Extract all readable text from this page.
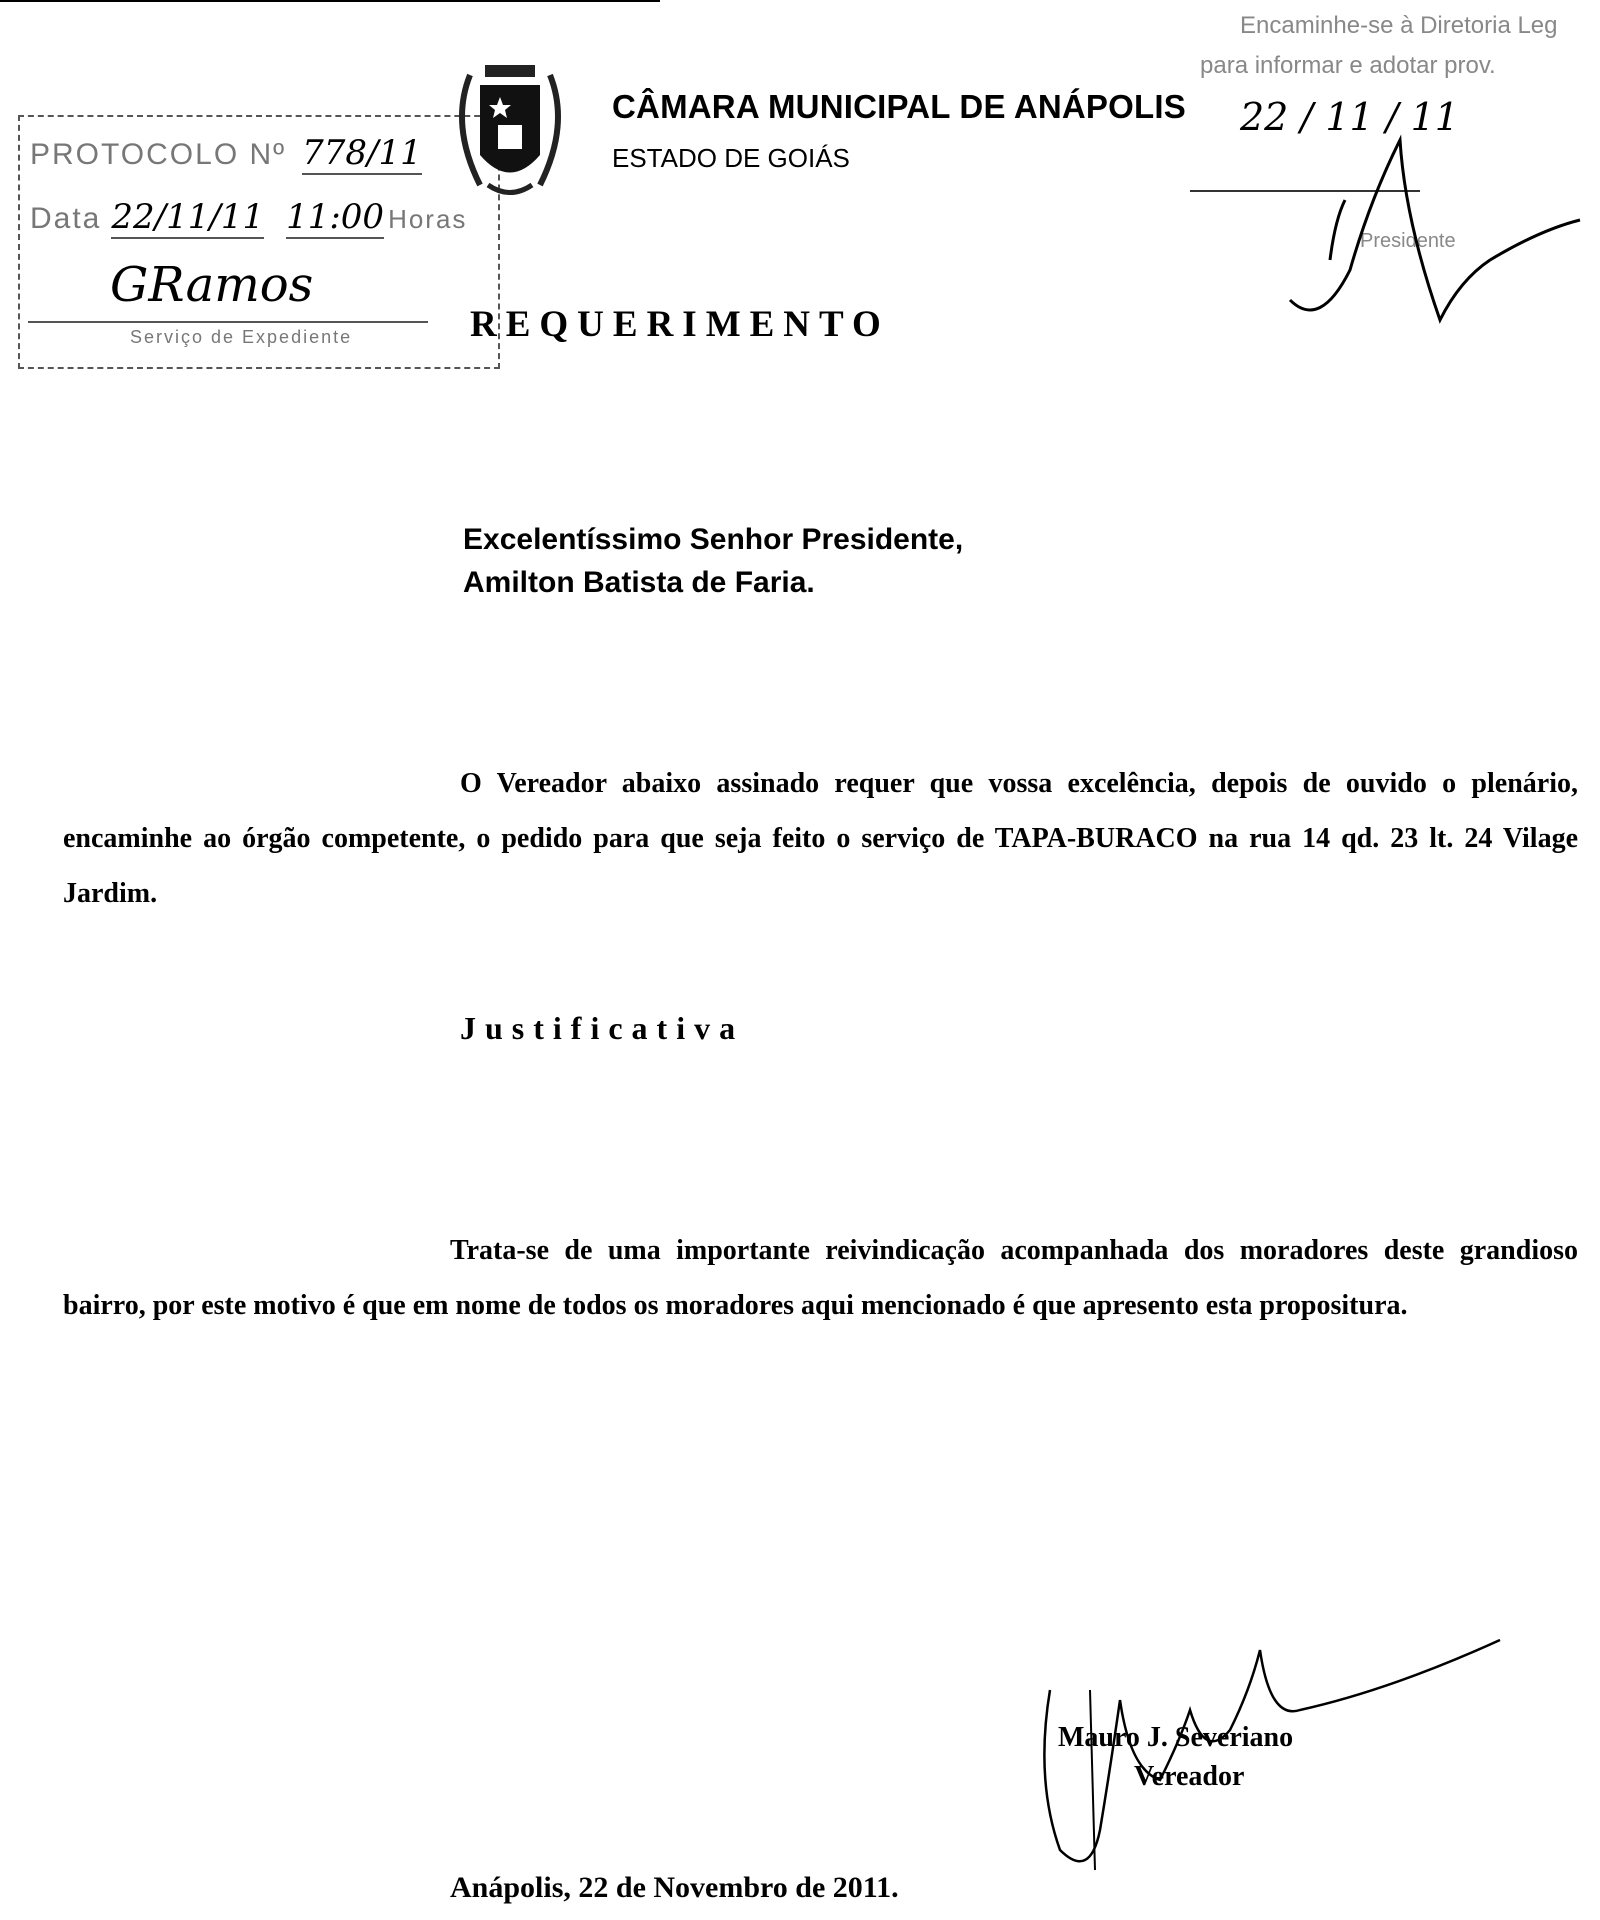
PROTOCOLO Nº 778/11
Data 22/11/11 11:00 Horas
GRamos
Serviço de Expediente
CÂMARA MUNICIPAL DE ANÁPOLIS
ESTADO DE GOIÁS
Encaminhe-se à Diretoria Leg
para informar e adotar prov.
22 / 11 / 11
Presidente
REQUERIMENTO
Excelentíssimo Senhor Presidente,
Amilton Batista de Faria.
O Vereador abaixo assinado requer que vossa excelência, depois de ouvido o plenário, encaminhe ao órgão competente, o pedido para que seja feito o serviço de TAPA-BURACO na rua 14 qd. 23 lt. 24 Vilage Jardim.
Justificativa
Trata-se de uma importante reivindicação acompanhada dos moradores deste grandioso bairro, por este motivo é que em nome de todos os moradores aqui mencionado é que apresento esta propositura.
Mauro J. Severiano
Vereador
Anápolis, 22 de Novembro de 2011.
